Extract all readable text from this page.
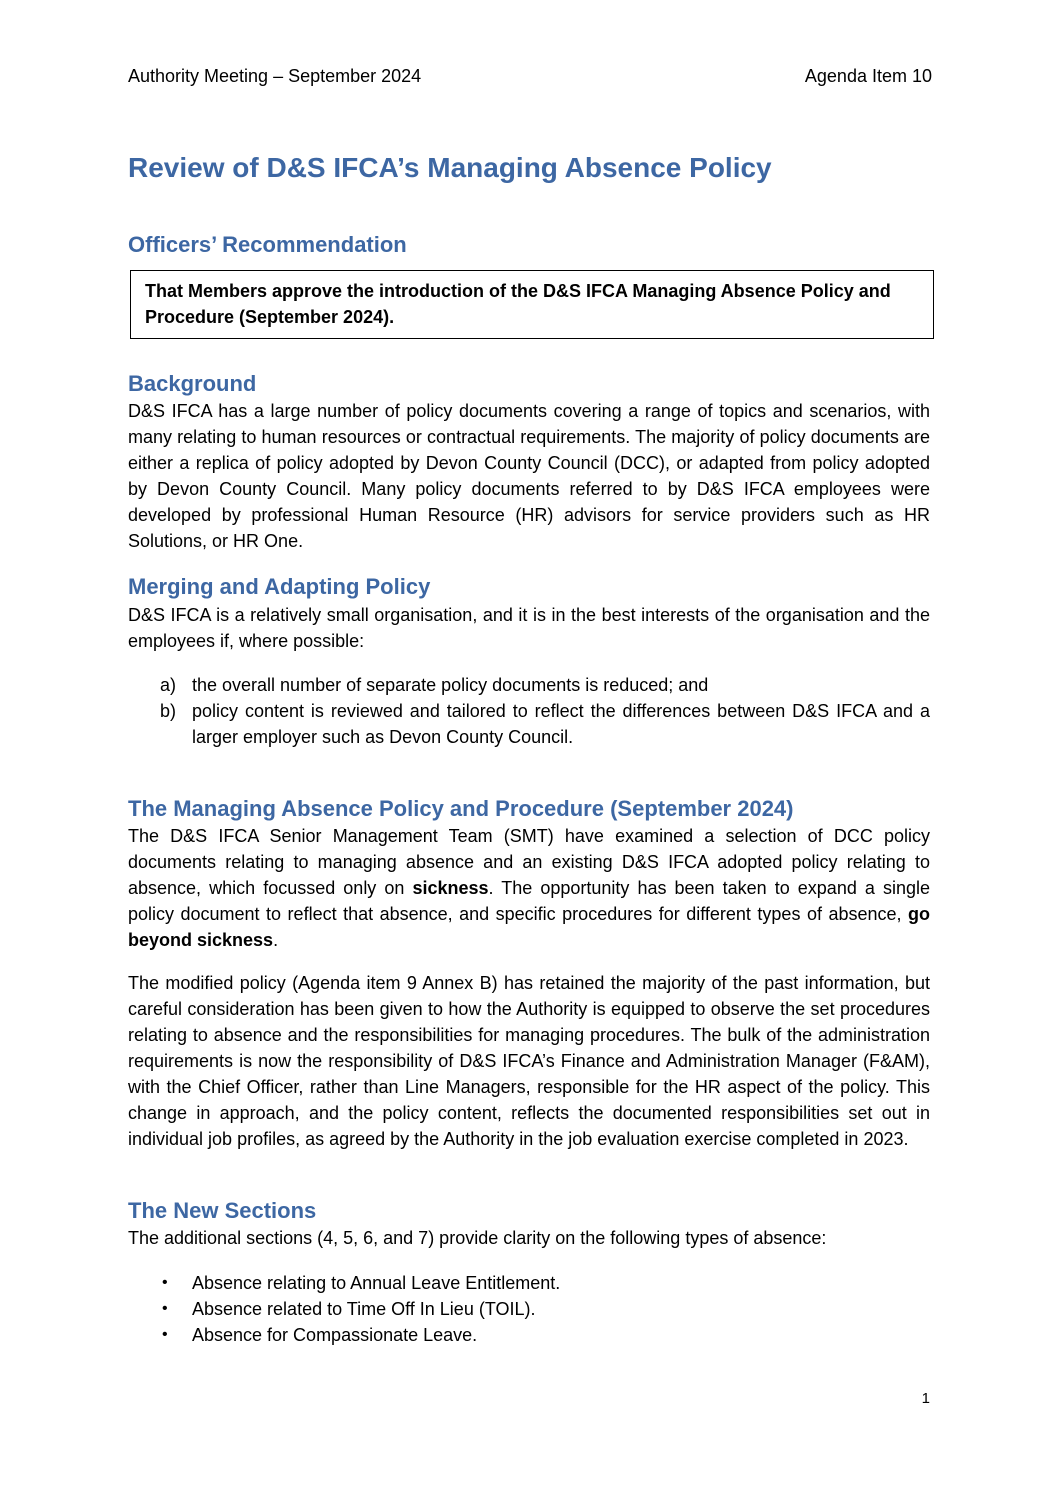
Authority Meeting – September 2024	Agenda Item 10
Review of D&S IFCA’s Managing Absence Policy
Officers’ Recommendation
That Members approve the introduction of the D&S IFCA Managing Absence Policy and Procedure (September 2024).
Background

D&S IFCA has a large number of policy documents covering a range of topics and scenarios, with many relating to human resources or contractual requirements. The majority of policy documents are either a replica of policy adopted by Devon County Council (DCC), or adapted from policy adopted by Devon County Council. Many policy documents referred to by D&S IFCA employees were developed by professional Human Resource (HR) advisors for service providers such as HR Solutions, or HR One.

Merging and Adapting Policy

D&S IFCA is a relatively small organisation, and it is in the best interests of the organisation and the employees if, where possible:

a) the overall number of separate policy documents is reduced; and
b) policy content is reviewed and tailored to reflect the differences between D&S IFCA and a larger employer such as Devon County Council.
The Managing Absence Policy and Procedure (September 2024)

The D&S IFCA Senior Management Team (SMT) have examined a selection of DCC policy documents relating to managing absence and an existing D&S IFCA adopted policy relating to absence, which focussed only on sickness. The opportunity has been taken to expand a single policy document to reflect that absence, and specific procedures for different types of absence, go beyond sickness.

The modified policy (Agenda item 9 Annex B) has retained the majority of the past information, but careful consideration has been given to how the Authority is equipped to observe the set procedures relating to absence and the responsibilities for managing procedures. The bulk of the administration requirements is now the responsibility of D&S IFCA’s Finance and Administration Manager (F&AM), with the Chief Officer, rather than Line Managers, responsible for the HR aspect of the policy. This change in approach, and the policy content, reflects the documented responsibilities set out in individual job profiles, as agreed by the Authority in the job evaluation exercise completed in 2023.

The New Sections

The additional sections (4, 5, 6, and 7) provide clarity on the following types of absence:

• Absence relating to Annual Leave Entitlement.
• Absence related to Time Off In Lieu (TOIL).
• Absence for Compassionate Leave.
1
